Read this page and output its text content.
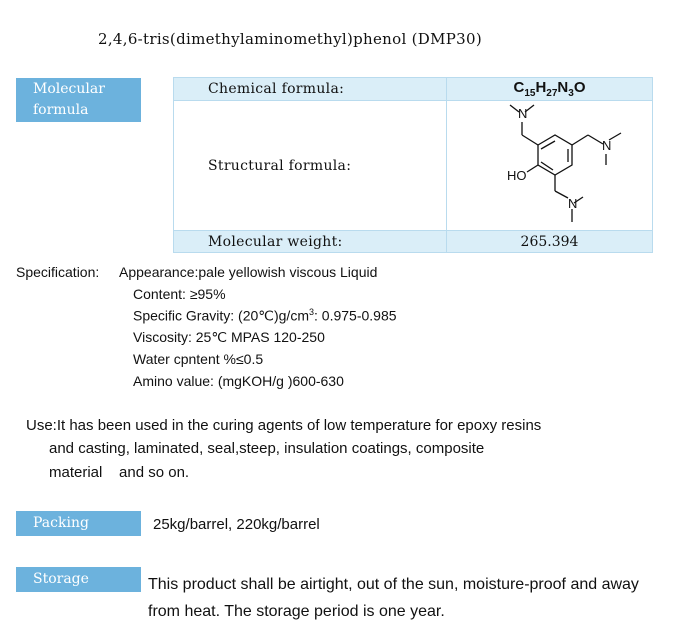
2,4,6-tris(dimethylaminomethyl)phenol (DMP30)
Molecular
formula
Chemical formula:	$C_{15}H_{27}N_3O$
Structural formula:	N
N
HO
N

Molecular weight:	265.394
Specification: Appearance:pale yellowish viscous Liquid
Content: ≥95%
Specific Gravity: $(20℃)g/cm^3$: 0.975-0.985
Viscosity: 25℃ MPAS 120-250
Water cpntent %≤0.5
Amino value: (mgKOH/g )600-630
Use:It has been used in the curing agents of low temperature for epoxy resins
and casting, laminated, seal,steep, insulation coatings, composite
material    and so on.
Packing	25kg/barrel, 220kg/barrel
Storage	This product shall be airtight, out of the sun, moisture-proof and away
from heat. The storage period is one year.
